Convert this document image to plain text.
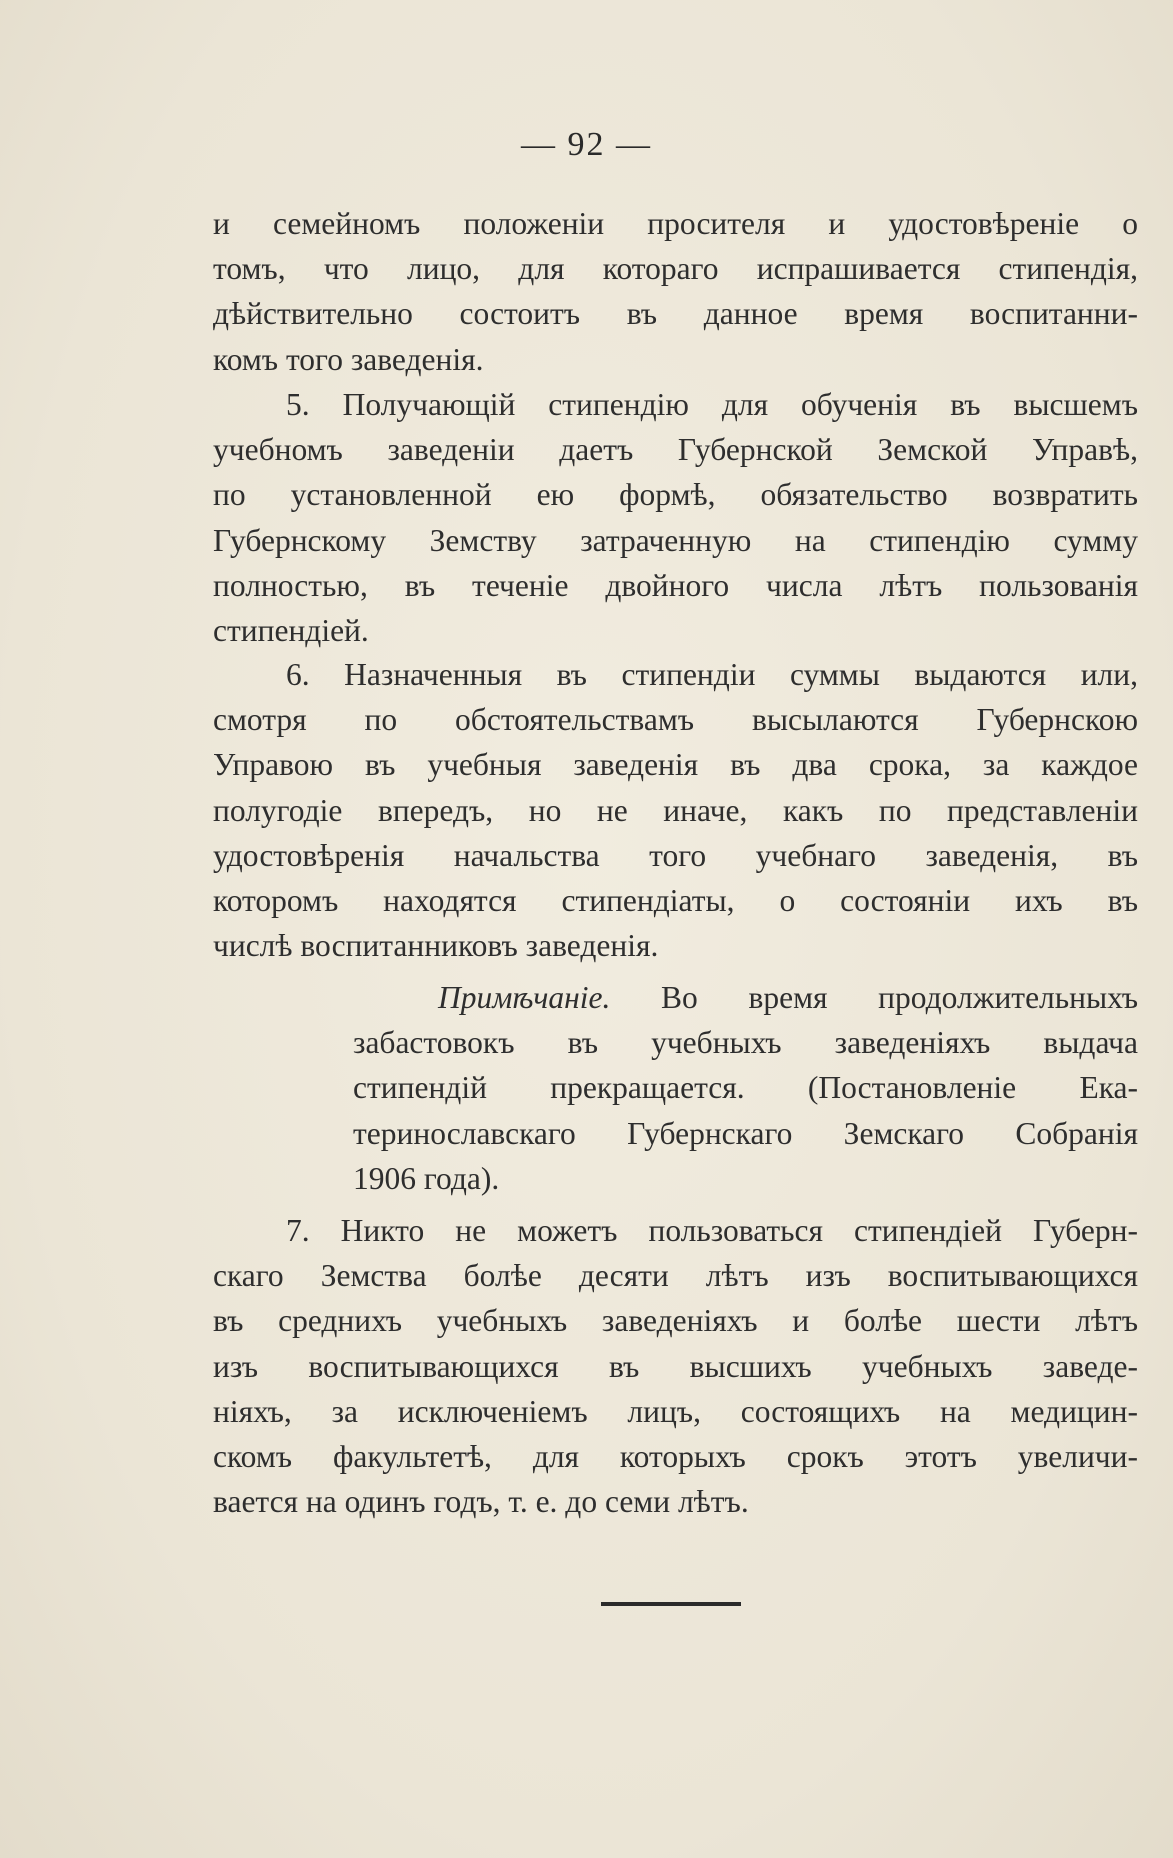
— 92 —
и семейномъ положеніи просителя и удостовѣреніе о
томъ, что лицо, для котораго испрашивается стипендія,
дѣйствительно состоитъ въ данное время воспитанни-
комъ того заведенія.
5. Получающій стипендію для обученія въ высшемъ
учебномъ заведеніи даетъ Губернской Земской Управѣ,
по установленной ею формѣ, обязательство возвратить
Губернскому Земству затраченную на стипендію сумму
полностью, въ теченіе двойного числа лѣтъ пользованія
стипендіей.
6. Назначенныя въ стипендіи суммы выдаются или,
смотря по обстоятельствамъ высылаются Губернскою
Управою въ учебныя заведенія въ два срока, за каждое
полугодіе впередъ, но не иначе, какъ по представленіи
удостовѣренія начальства того учебнаго заведенія, въ
которомъ находятся стипендіаты, о состояніи ихъ въ
числѣ воспитанниковъ заведенія.
Примѣчаніе. Во время продолжительныхъ
забастовокъ въ учебныхъ заведеніяхъ выдача
стипендій прекращается. (Постановленіе Ека-
теринославскаго Губернскаго Земскаго Собранія
1906 года).
7. Никто не можетъ пользоваться стипендіей Губерн-
скаго Земства болѣе десяти лѣтъ изъ воспитывающихся
въ среднихъ учебныхъ заведеніяхъ и болѣе шести лѣтъ
изъ воспитывающихся въ высшихъ учебныхъ заведе-
ніяхъ, за исключеніемъ лицъ, состоящихъ на медицин-
скомъ факультетѣ, для которыхъ срокъ этотъ увеличи-
вается на одинъ годъ, т. е. до семи лѣтъ.
